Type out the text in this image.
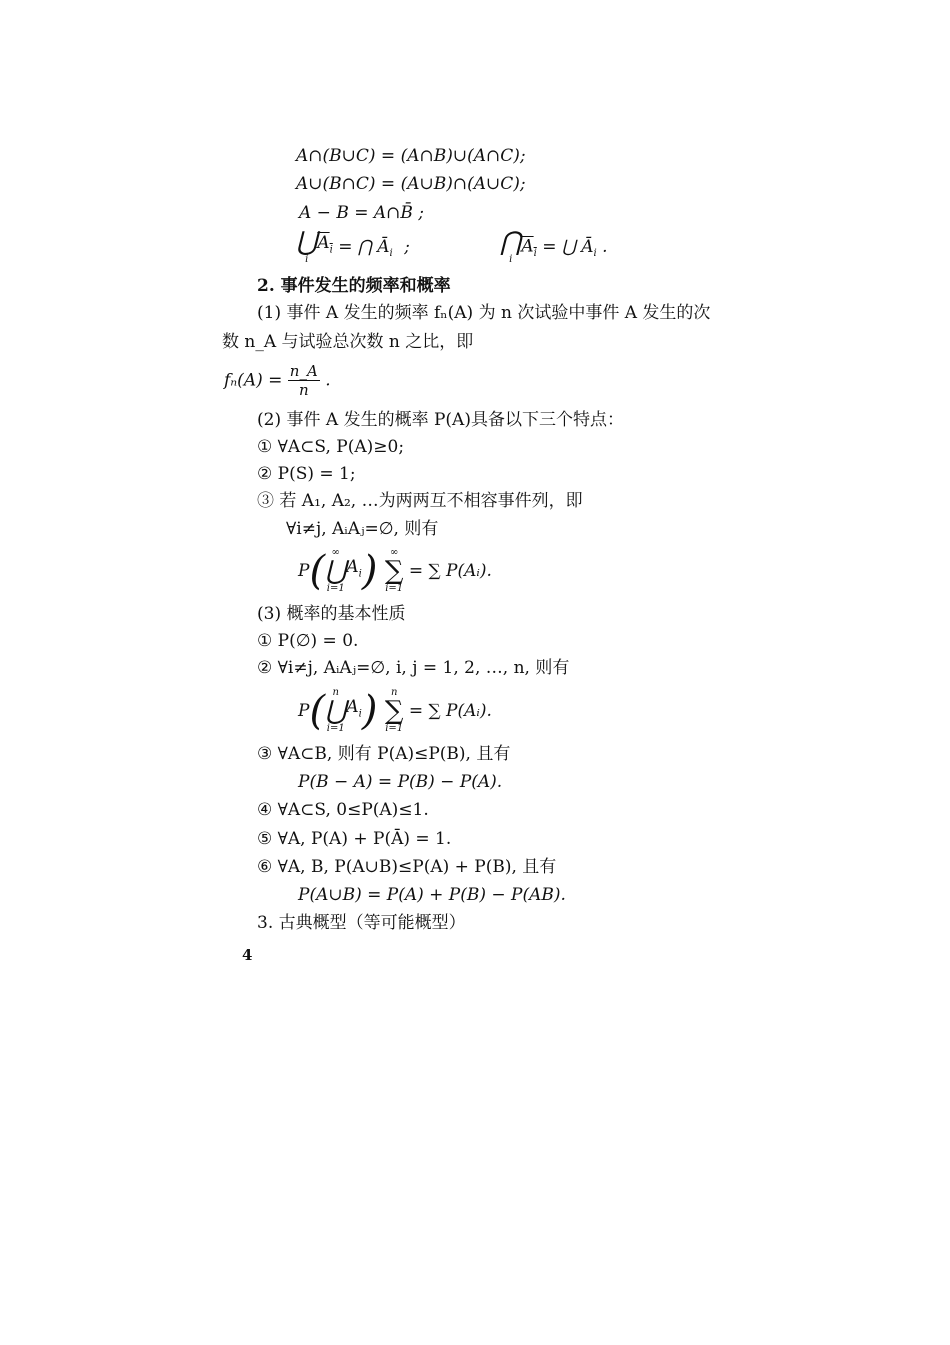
A∩(B∪C) = (A∩B)∪(A∩C);
A∪(B∩C) = (A∪B)∩(A∪C);
A − B = A∩B̄ ;
⋃
i
$A_i$ = ⋂ $Ā_i$ ;	⋂
i
$A_i$ = ⋃ $Ā_i$ .
2. 事件发生的频率和概率
(1) 事件 A 发生的频率 fₙ(A) 为 n 次试验中事件 A 发生的次
数 n_A 与试验总次数 n 之比，即
$f_n(A) = \frac{n\_A}{n}$ .
(2) 事件 A 发生的概率 P(A)具备以下三个特点：
① ∀A⊂S, P(A)≥0;
② P(S) = 1;
③ 若 A₁, A₂, …为两两互不相容事件列，即
∀i≠j, AᵢAⱼ=∅, 则有
P( ∞
⋃
i=1
$A_i$)	∞
∑
i=1
= ∑ P(Aᵢ).
(3) 概率的基本性质
① P(∅) = 0.
② ∀i≠j, AᵢAⱼ=∅, i, j = 1, 2, …, n, 则有
P( n
⋃
i=1
$A_i$)	n
∑
i=1
= ∑ P(Aᵢ).
③ ∀A⊂B, 则有 P(A)≤P(B), 且有
P(B − A) = P(B) − P(A).
④ ∀A⊂S, 0≤P(A)≤1.
⑤ ∀A, P(A) + P(Ā) = 1.
⑥ ∀A, B, P(A∪B)≤P(A) + P(B), 且有
P(A∪B) = P(A) + P(B) − P(AB).
3. 古典概型（等可能概型）
4
